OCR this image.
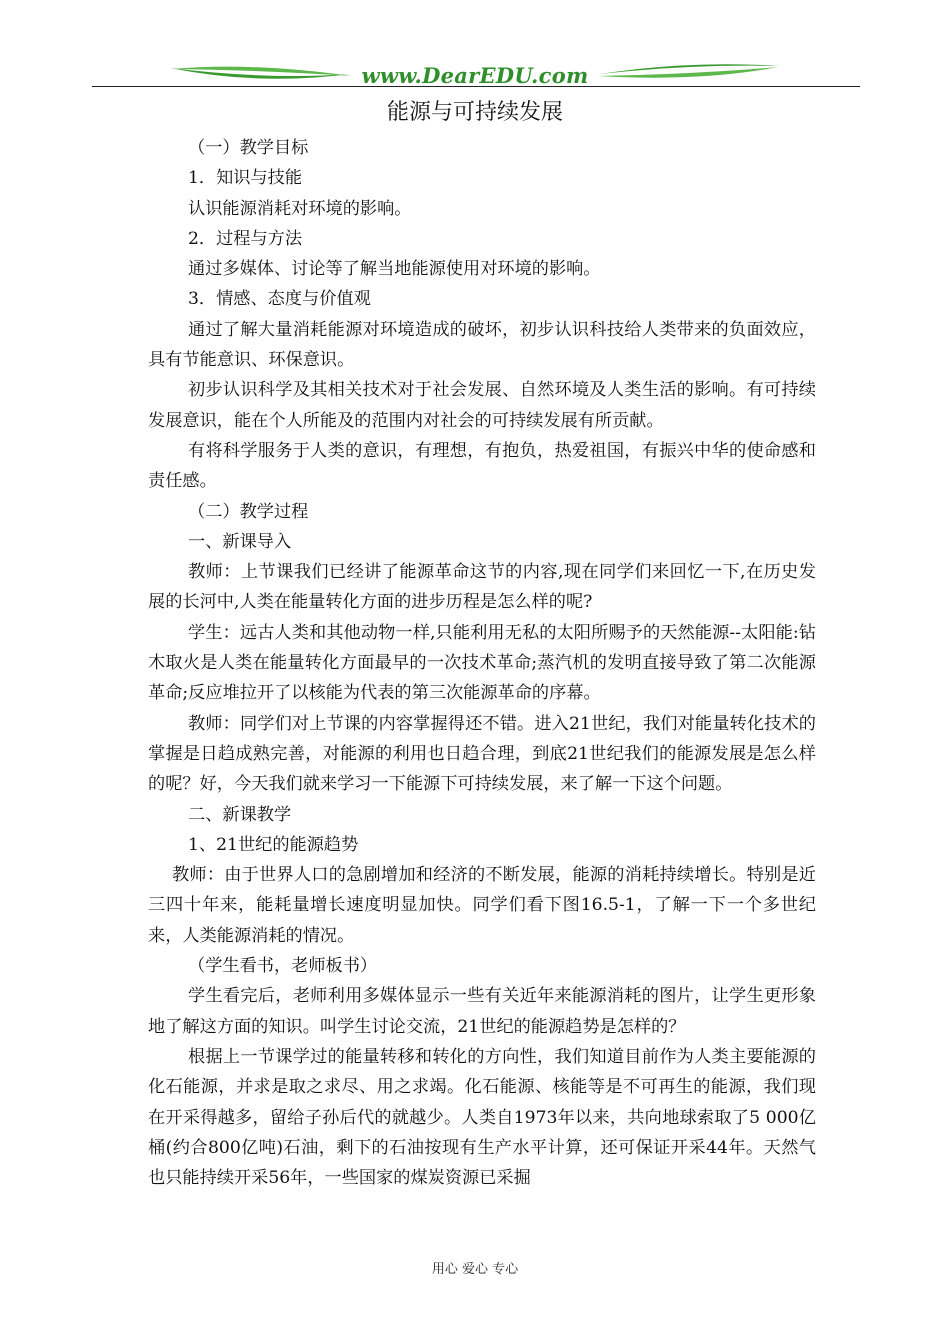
www.DearEDU.com
能源与可持续发展

（一）教学目标

1．知识与技能

认识能源消耗对环境的影响。

2．过程与方法

通过多媒体、讨论等了解当地能源使用对环境的影响。

3．情感、态度与价值观

通过了解大量消耗能源对环境造成的破坏，初步认识科技给人类带来的负面效应，具有节能意识、环保意识。

初步认识科学及其相关技术对于社会发展、自然环境及人类生活的影响。有可持续发展意识，能在个人所能及的范围内对社会的可持续发展有所贡献。

有将科学服务于人类的意识，有理想，有抱负，热爱祖国，有振兴中华的使命感和责任感。

（二）教学过程

一、新课导入

教师：上节课我们已经讲了能源革命这节的内容,现在同学们来回忆一下,在历史发展的长河中,人类在能量转化方面的进步历程是怎么样的呢?

学生：远古人类和其他动物一样,只能利用无私的太阳所赐予的天然能源--太阳能:钻木取火是人类在能量转化方面最早的一次技术革命;蒸汽机的发明直接导致了第二次能源革命;反应堆拉开了以核能为代表的第三次能源革命的序幕。

教师：同学们对上节课的内容掌握得还不错。进入21世纪，我们对能量转化技术的掌握是日趋成熟完善，对能源的利用也日趋合理，到底21世纪我们的能源发展是怎么样的呢？好，今天我们就来学习一下能源下可持续发展，来了解一下这个问题。

二、新课教学

1、21世纪的能源趋势

教师：由于世界人口的急剧增加和经济的不断发展，能源的消耗持续增长。特别是近三四十年来，能耗量增长速度明显加快。同学们看下图16.5-1，了解一下一个多世纪来，人类能源消耗的情况。

（学生看书，老师板书）

学生看完后，老师利用多媒体显示一些有关近年来能源消耗的图片，让学生更形象地了解这方面的知识。叫学生讨论交流，21世纪的能源趋势是怎样的？

根据上一节课学过的能量转移和转化的方向性，我们知道目前作为人类主要能源的化石能源，并求是取之求尽、用之求竭。化石能源、核能等是不可再生的能源，我们现在开采得越多，留给子孙后代的就越少。人类自1973年以来，共向地球索取了5 000亿桶(约合800亿吨)石油，剩下的石油按现有生产水平计算，还可保证开采44年。天然气也只能持续开采56年，一些国家的煤炭资源已采掘

用心 爱心 专心
